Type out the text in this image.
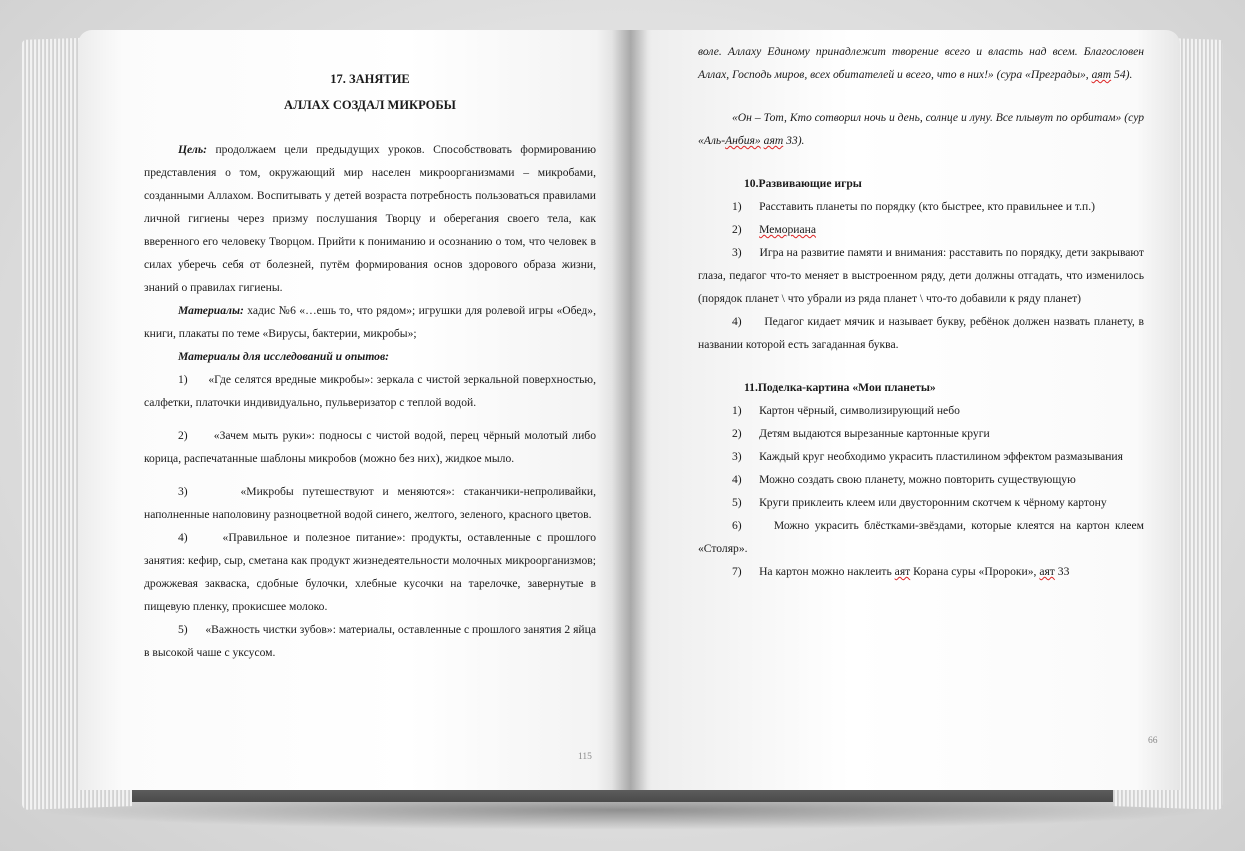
17. ЗАНЯТИЕ

АЛЛАХ СОЗДАЛ МИКРОБЫ

Цель: продолжаем цели предыдущих уроков. Способствовать формированию представления о том, окружающий мир населен микроорганизмами – микробами, созданными Аллахом. Воспитывать у детей возраста потребность пользоваться правилами личной гигиены через призму послушания Творцу и оберегания своего тела, как вверенного его человеку Творцом. Прийти к пониманию и осознанию о том, что человек в силах уберечь себя от болезней, путём формирования основ здорового образа жизни, знаний о правилах гигиены.

Материалы: хадис №6 «…ешь то, что рядом»; игрушки для ролевой игры «Обед», книги, плакаты по теме «Вирусы, бактерии, микробы»;

Материалы для исследований и опытов:

1) «Где селятся вредные микробы»: зеркала с чистой зеркальной поверхностью, салфетки, платочки индивидуально, пульверизатор с теплой водой.

2) «Зачем мыть руки»: подносы с чистой водой, перец чёрный молотый либо корица, распечатанные шаблоны микробов (можно без них), жидкое мыло.

3)	«Микробы путешествуют и меняются»: стаканчики-непроливайки, наполненные наполовину разноцветной водой синего, желтого, зеленого, красного цветов.

4)	«Правильное и полезное питание»: продукты, оставленные с прошлого занятия: кефир, сыр, сметана как продукт жизнедеятельности молочных микроорганизмов; дрожжевая закваска, сдобные булочки, хлебные кусочки на тарелочке, завернутые в пищевую пленку, прокисшее молоко.

5) «Важность чистки зубов»: материалы, оставленные с прошлого занятия 2 яйца в высокой чаше с уксусом.

115

воле. Аллаху Единому принадлежит творение всего и власть над всем. Благословен Аллах, Господь миров, всех обитателей и всего, что в них!» (сура «Преграды», аят 54).

«Он – Тот, Кто сотворил ночь и день, солнце и луну. Все плывут по орбитам» (сур «Аль-Анбия» аят 33).

10.Развивающие игры

1) Расставить планеты по порядку (кто быстрее, кто правильнее и т.п.)

2) Мемориана

3) Игра на развитие памяти и внимания: расставить по порядку, дети закрывают глаза, педагог что-то меняет в выстроенном ряду, дети должны отгадать, что изменилось (порядок планет \ что убрали из ряда планет \ что-то добавили к ряду планет)

4) Педагог кидает мячик и называет букву, ребёнок должен назвать планету, в названии которой есть загаданная буква.

11.Поделка-картина «Мои планеты»

1) Картон чёрный, символизирующий небо

2) Детям выдаются вырезанные картонные круги

3) Каждый круг необходимо украсить пластилином эффектом размазывания

4) Можно создать свою планету, можно повторить существующую

5) Круги приклеить клеем или двусторонним скотчем к чёрному картону

6)	Можно украсить блёстками-звёздами, которые клеятся на картон клеем «Столяр».

7) На картон можно наклеить аят Корана суры «Пророки», аят 33

66
